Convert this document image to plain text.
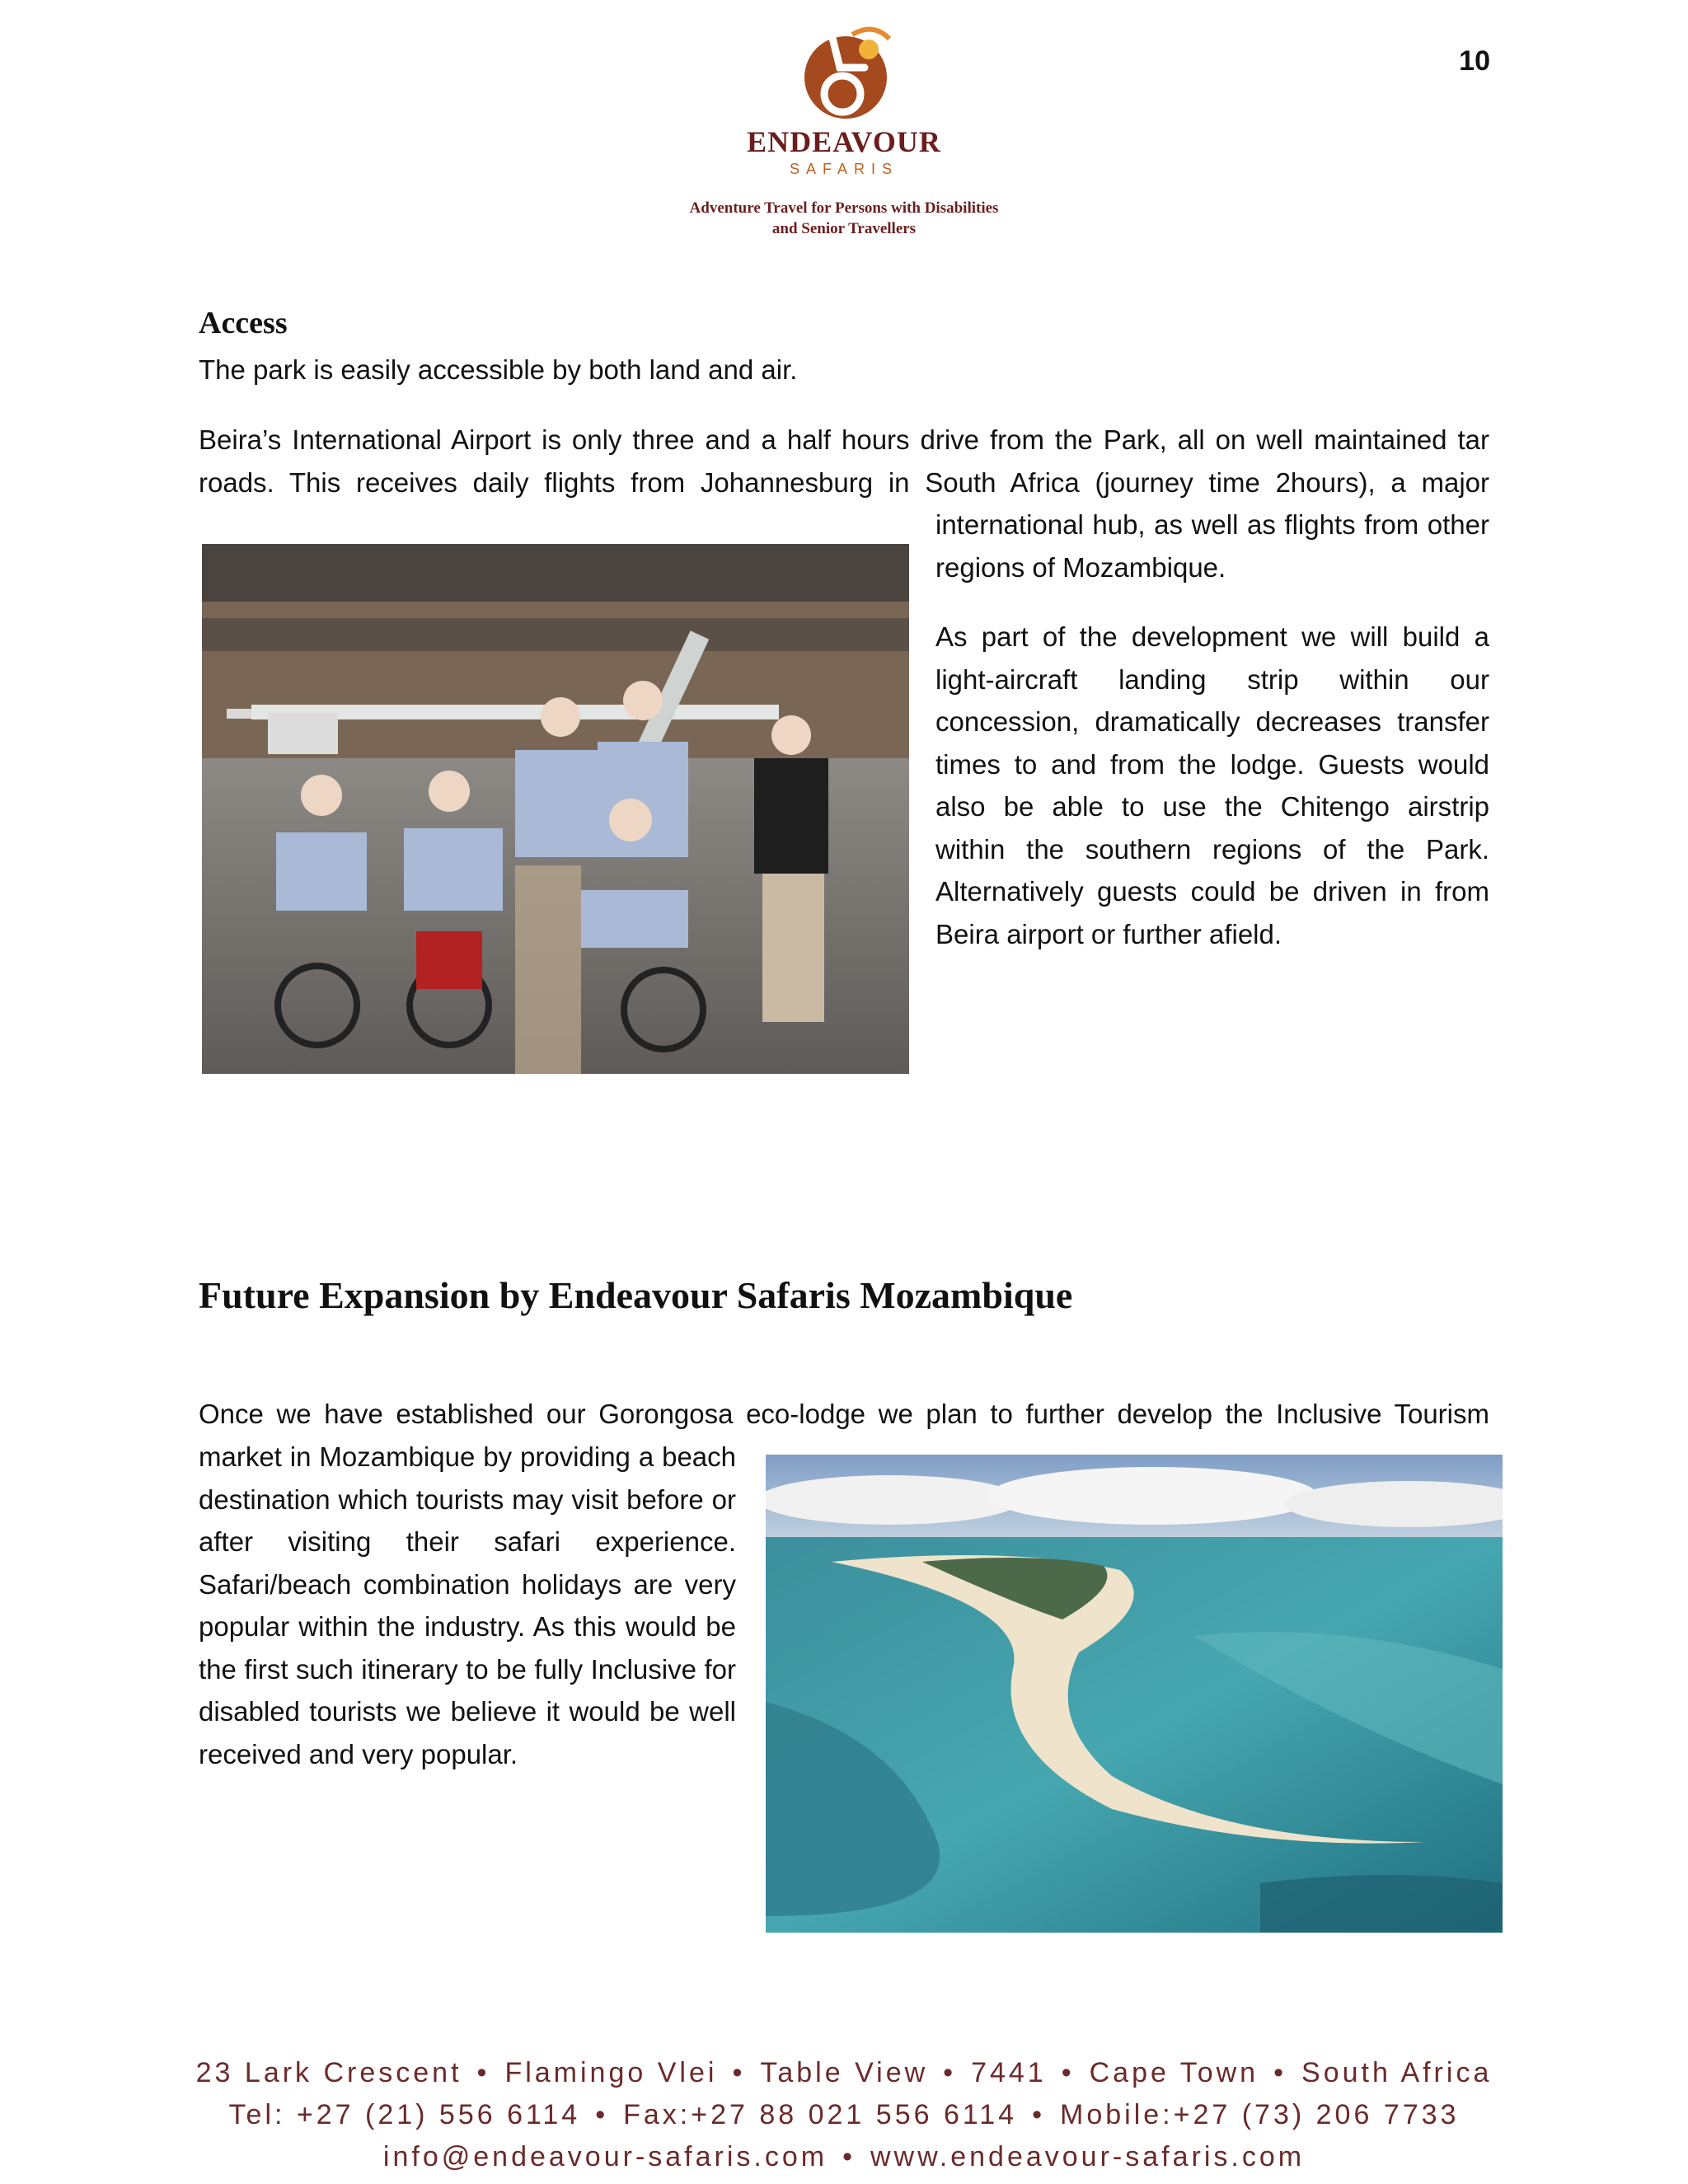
10
ENDEAVOUR
SAFARIS
Adventure Travel for Persons with Disabilities
and Senior Travellers
Access

The park is easily accessible by both land and air.

Beira’s International Airport is only three and a half hours drive from the Park, all on well maintained tar roads. This receives daily flights from Johannesburg in South Africa (journey time 2hours), a major

international hub, as well as flights from other regions of Mozambique.

As part of the development we will build a light-aircraft landing strip within our concession, dramatically decreases transfer times to and from the lodge. Guests would also be able to use the Chitengo airstrip within the southern regions of the Park. Alternatively guests could be driven in from Beira airport or further afield.

Future Expansion by Endeavour Safaris Mozambique

Once we have established our Gorongosa eco-lodge we plan to further develop the Inclusive Tourism

market in Mozambique by providing a beach destination which tourists may visit before or after visiting their safari experience. Safari/beach combination holidays are very popular within the industry. As this would be the first such itinerary to be fully Inclusive for disabled tourists we believe it would be well received and very popular.

23 Lark Crescent • Flamingo Vlei • Table View • 7441 • Cape Town • South Africa
Tel: +27 (21) 556 6114 • Fax:+27 88 021 556 6114 • Mobile:+27 (73) 206 7733
info@endeavour-safaris.com • www.endeavour-safaris.com
